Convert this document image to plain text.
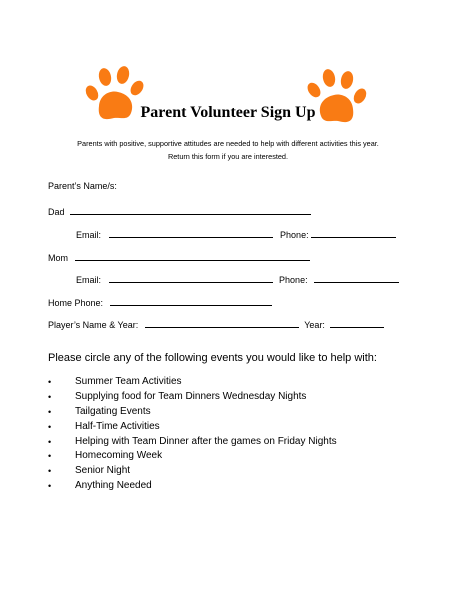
Parent Volunteer Sign Up
Parents with positive, supportive attitudes are needed to help with different activities this year.
Return this form if you are interested.
Parent’s Name/s:
Dad
Email:	Phone:
Mom
Email:	Phone:
Home Phone:
Player’s Name & Year:	Year:
Please circle any of the following events you would like to help with:
• Summer Team Activities
• Supplying food for Team Dinners Wednesday Nights
• Tailgating Events
• Half-Time Activities
• Helping with Team Dinner after the games on Friday Nights
• Homecoming Week
• Senior Night
• Anything Needed
